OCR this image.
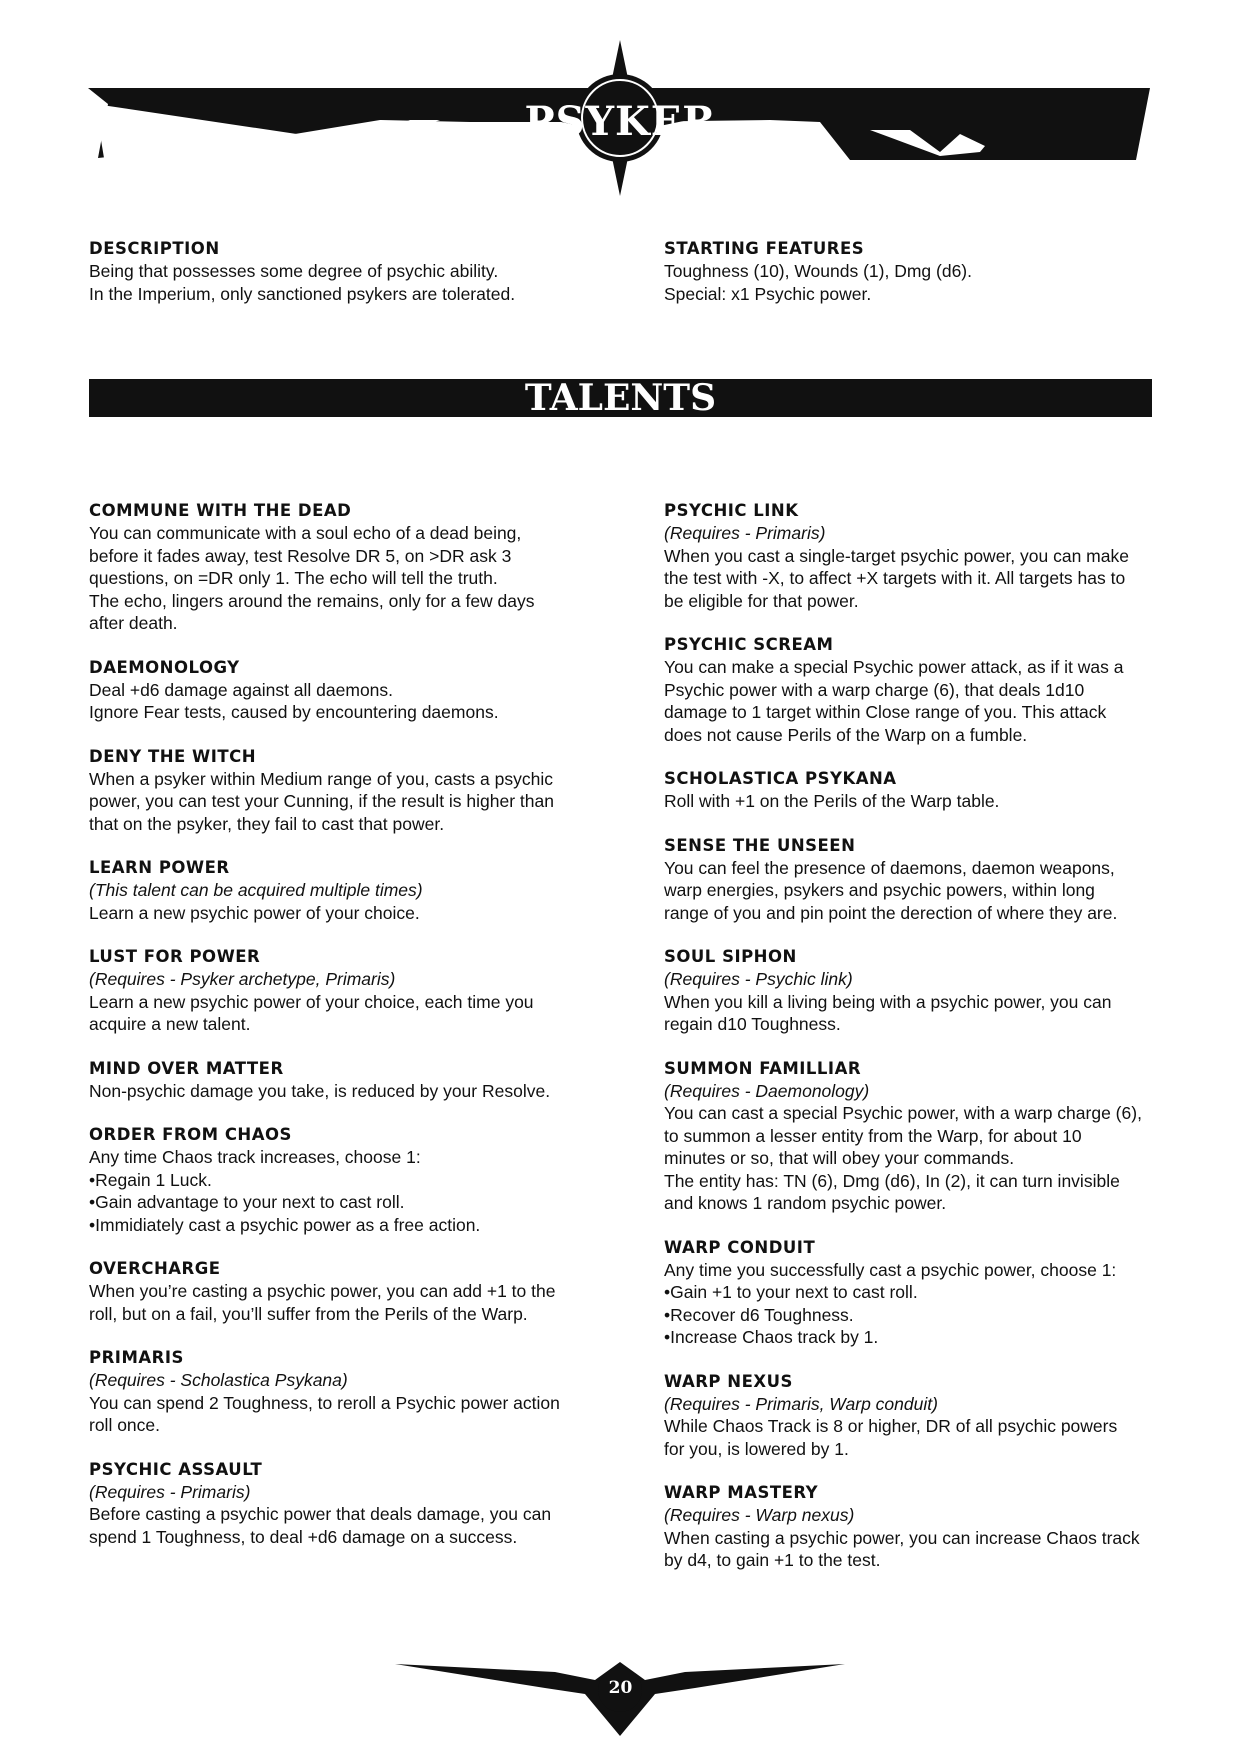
PSYKER

DESCRIPTION

Being that possesses some degree of psychic ability.

In the Imperium, only sanctioned psykers are tolerated.

STARTING FEATURES

Toughness (10), Wounds (1), Dmg (d6).

Special: x1 Psychic power.

TALENTS

COMMUNE WITH THE DEAD

You can communicate with a soul echo of a dead being,

before it fades away, test Resolve DR 5, on >DR ask 3

questions, on =DR only 1. The echo will tell the truth.

The echo, lingers around the remains, only for a few days

after death.

DAEMONOLOGY

Deal +d6 damage against all daemons.

Ignore Fear tests, caused by encountering daemons.

DENY THE WITCH

When a psyker within Medium range of you, casts a psychic

power, you can test your Cunning, if the result is higher than

that on the psyker, they fail to cast that power.

LEARN POWER

(This talent can be acquired multiple times)

Learn a new psychic power of your choice.

LUST FOR POWER

(Requires - Psyker archetype, Primaris)

Learn a new psychic power of your choice, each time you

acquire a new talent.

MIND OVER MATTER

Non-psychic damage you take, is reduced by your Resolve.

ORDER FROM CHAOS

Any time Chaos track increases, choose 1:

•Regain 1 Luck.

•Gain advantage to your next to cast roll.

•Immidiately cast a psychic power as a free action.

OVERCHARGE

When you’re casting a psychic power, you can add +1 to the

roll, but on a fail, you’ll suffer from the Perils of the Warp.

PRIMARIS

(Requires - Scholastica Psykana)

You can spend 2 Toughness, to reroll a Psychic power action

roll once.

PSYCHIC ASSAULT

(Requires - Primaris)

Before casting a psychic power that deals damage, you can

spend 1 Toughness, to deal +d6 damage on a success.

PSYCHIC LINK

(Requires - Primaris)

When you cast a single-target psychic power, you can make

the test with -X, to affect +X targets with it. All targets has to

be eligible for that power.

PSYCHIC SCREAM

You can make a special Psychic power attack, as if it was a

Psychic power with a warp charge (6), that deals 1d10

damage to 1 target within Close range of you. This attack

does not cause Perils of the Warp on a fumble.

SCHOLASTICA PSYKANA

Roll with +1 on the Perils of the Warp table.

SENSE THE UNSEEN

You can feel the presence of daemons, daemon weapons,

warp energies, psykers and psychic powers, within long

range of you and pin point the derection of where they are.

SOUL SIPHON

(Requires - Psychic link)

When you kill a living being with a psychic power, you can

regain d10 Toughness.

SUMMON FAMILLIAR

(Requires - Daemonology)

You can cast a special Psychic power, with a warp charge (6),

to summon a lesser entity from the Warp, for about 10

minutes or so, that will obey your commands.

The entity has: TN (6), Dmg (d6), In (2), it can turn invisible

and knows 1 random psychic power.

WARP CONDUIT

Any time you successfully cast a psychic power, choose 1:

•Gain +1 to your next to cast roll.

•Recover d6 Toughness.

•Increase Chaos track by 1.

WARP NEXUS

(Requires - Primaris, Warp conduit)

While Chaos Track is 8 or higher, DR of all psychic powers

for you, is lowered by 1.

WARP MASTERY

(Requires - Warp nexus)

When casting a psychic power, you can increase Chaos track

by d4, to gain +1 to the test.

20
